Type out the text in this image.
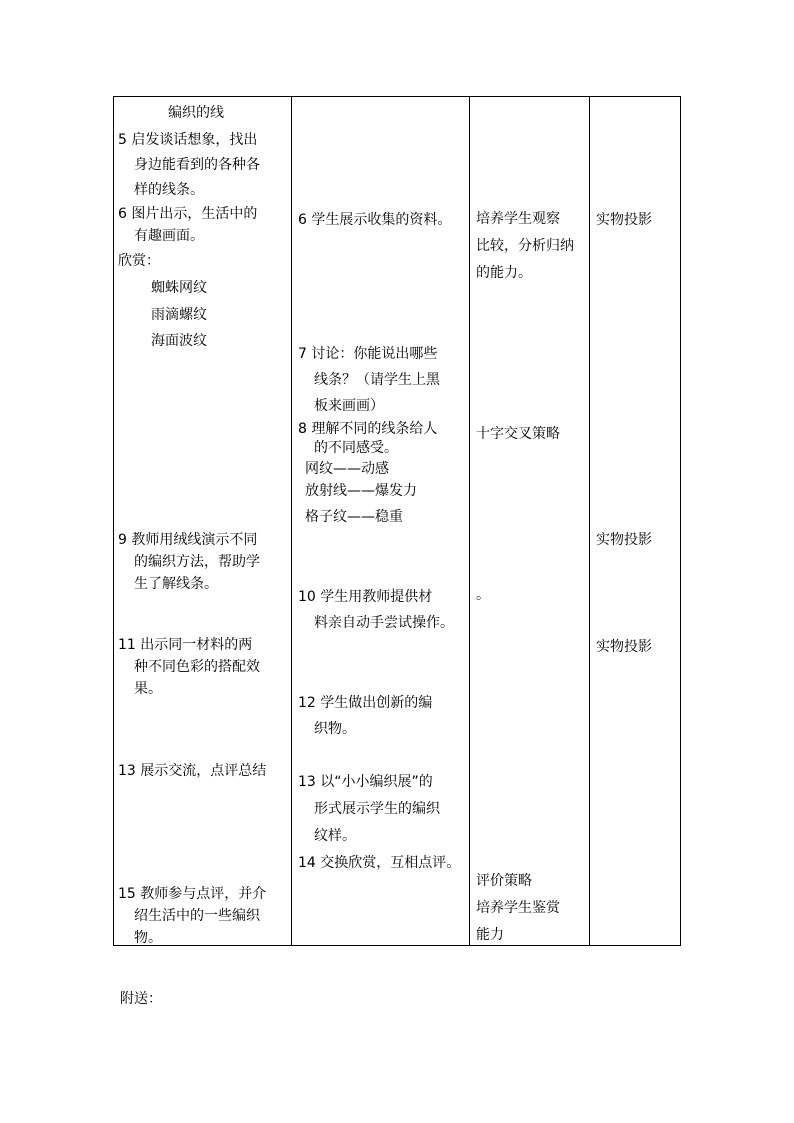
编织的线
5 启发谈话想象，找出
身边能看到的各种各
样的线条。
6 图片出示，生活中的
有趣画面。
欣赏：
蜘蛛网纹
雨滴螺纹
海面波纹
9 教师用绒线演示不同
的编织方法，帮助学
生了解线条。
11 出示同一材料的两
种不同色彩的搭配效
果。
13 展示交流，点评总结
15 教师参与点评，并介
绍生活中的一些编织
物。
6 学生展示收集的资料。
7 讨论：你能说出哪些
线条？（请学生上黑
板来画画）
8 理解不同的线条给人
的不同感受。
网纹——动感
放射线——爆发力
格子纹——稳重
10 学生用教师提供材
料亲自动手尝试操作。
12 学生做出创新的编
织物。
13 以“小小编织展”的
形式展示学生的编织
纹样。
14 交换欣赏，互相点评。
培养学生观察
比较，分析归纳
的能力。
十字交叉策略
。
评价策略
培养学生鉴赏
能力
实物投影
实物投影
实物投影
附送：
